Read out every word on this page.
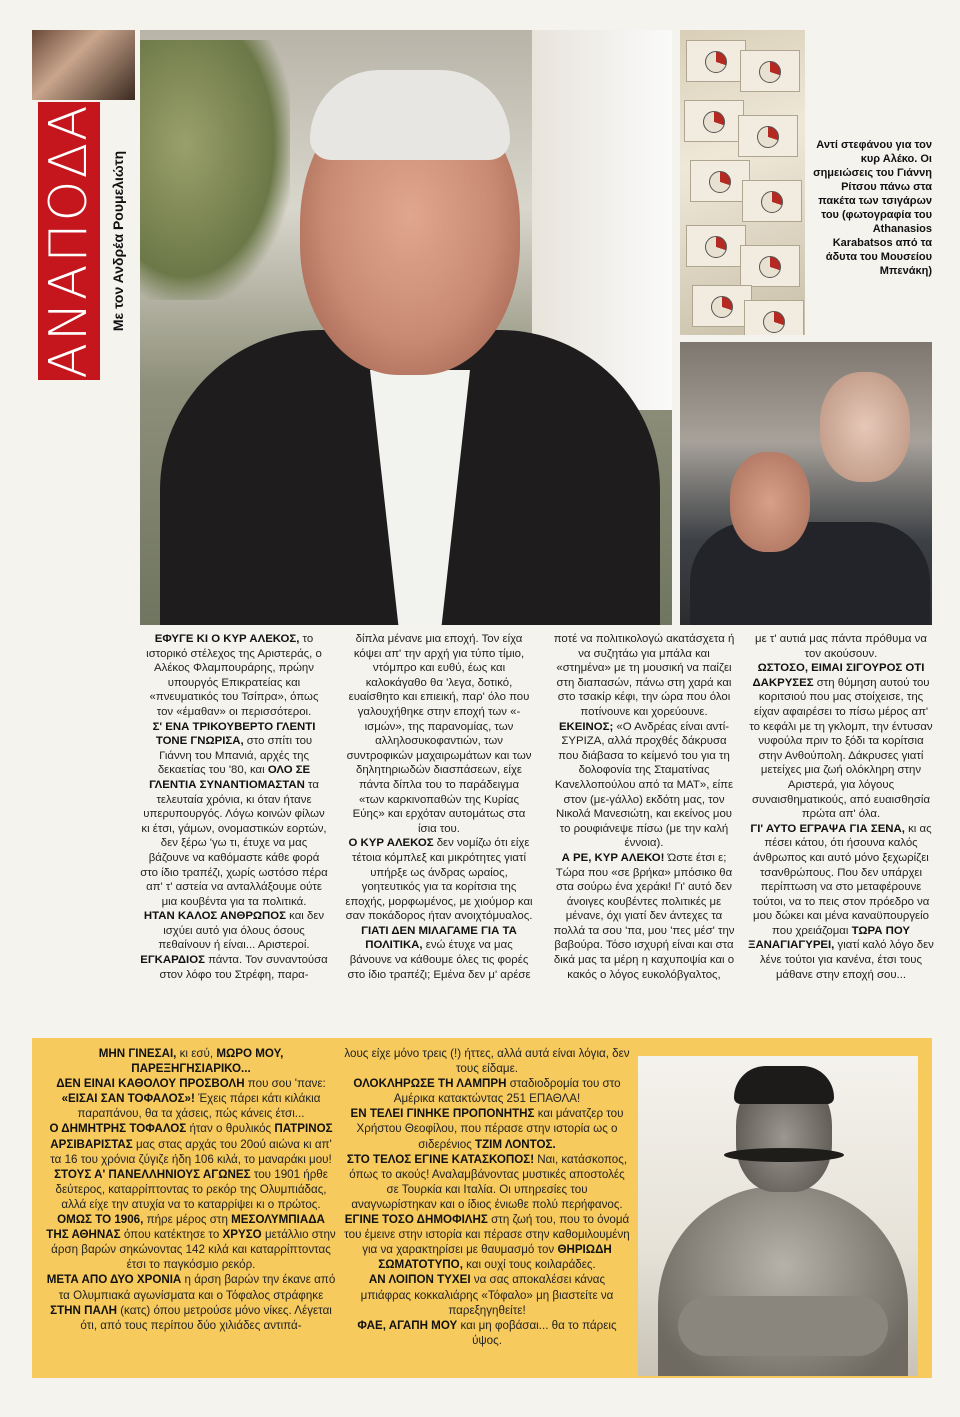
ΑΝΑΠΟΔΑ Με τον Ανδρέα Ρουμελιώτη
Αντί στεφάνου για τον κυρ Αλέκο. Οι σημειώσεις του Γιάννη Ρίτσου πάνω στα πακέτα των τσιγάρων του (φωτογραφία του Athanasios Karabatsos από τα άδυτα του Μουσείου Μπενάκη)

ΕΦΥΓΕ ΚΙ Ο ΚΥΡ ΑΛΕΚΟΣ, το ιστορικό στέλεχος της Αριστεράς, ο Αλέκος Φλαμπουράρης, πρώην υπουργός Επικρατείας και «πνευματικός του Τσίπρα», όπως τον «έμαθαν» οι περισσότεροι.

Σ' ΕΝΑ ΤΡΙΚΟΥΒΕΡΤΟ ΓΛΕΝΤΙ ΤΟΝΕ ΓΝΩΡΙΣΑ, στο σπίτι του Γιάννη του Μπανιά, αρχές της δεκαετίας του '80, και ΟΛΟ ΣΕ ΓΛΕΝΤΙΑ ΣΥΝΑΝΤΙΟΜΑΣΤΑΝ τα τελευταία χρόνια, κι όταν ήτανε υπερυπουργός. Λόγω κοινών φίλων κι έτσι, γάμων, ονομαστικών εορτών, δεν ξέρω 'γω τι, έτυχε να μας βάζουνε να καθόμαστε κάθε φορά στο ίδιο τραπέζι, χωρίς ωστόσο πέρα απ' τ' αστεία να ανταλλάξουμε ούτε μια κουβέντα για τα πολιτικά.

ΗΤΑΝ ΚΑΛΟΣ ΑΝΘΡΩΠΟΣ και δεν ισχύει αυτό για όλους όσους πεθαίνουν ή είναι... Αριστεροί.

ΕΓΚΑΡΔΙΟΣ πάντα. Τον συναντούσα στον λόφο του Στρέφη, παρα-

δίπλα μένανε μια εποχή. Τον είχα κόψει απ' την αρχή για τύπο τίμιο, ντόμπρο και ευθύ, έως και καλοκάγαθο θα 'λεγα, δοτικό, ευαίσθητο και επιεική, παρ' όλο που γαλουχήθηκε στην εποχή των «-ισμών», της παρανομίας, των αλληλοσυκοφαντιών, των συντροφικών μαχαιρωμάτων και των δηλητηριωδών διασπάσεων, είχε πάντα δίπλα του το παράδειγμα «των καρκινοπαθών της Κυρίας Εύης» και ερχόταν αυτομάτως στα ίσια του.

Ο ΚΥΡ ΑΛΕΚΟΣ δεν νομίζω ότι είχε τέτοια κόμπλεξ και μικρότητες γιατί υπήρξε ως άνδρας ωραίος, γοητευτικός για τα κορίτσια της εποχής, μορφωμένος, με χιούμορ και σαν ποκάδορος ήταν ανοιχτόμυαλος.

ΓΙΑΤΙ ΔΕΝ ΜΙΛΑΓΑΜΕ ΓΙΑ ΤΑ ΠΟΛΙΤΙΚΑ, ενώ έτυχε να μας βάνουνε να κάθουμε όλες τις φορές στο ίδιο τραπέζι; Εμένα δεν μ' αρέσε

ποτέ να πολιτικολογώ ακατάσχετα ή να συζητάω για μπάλα και «στημένα» με τη μουσική να παίζει στη διαπασών, πάνω στη χαρά και στο τσακίρ κέφι, την ώρα που όλοι ποτίνουνε και χορεύουνε.

ΕΚΕΙΝΟΣ; «Ο Ανδρέας είναι αντί-ΣΥΡΙΖΑ, αλλά προχθές δάκρυσα που διάβασα το κείμενό του για τη δολοφονία της Σταματίνας Κανελλοπούλου από τα ΜΑΤ», είπε στον (με-γάλλο) εκδότη μας, τον Νικολά Μανεσιώτη, και εκείνος μου το ρουφιάνεψε πίσω (με την καλή έννοια).

Α ΡΕ, ΚΥΡ ΑΛΕΚΟ! Ώστε έτσι ε; Τώρα που «σε βρήκα» μπόσικο θα στα σούρω ένα χεράκι! Γι' αυτό δεν άνοιγες κουβέντες πολιτικές με μένανε, όχι γιατί δεν άντεχες τα πολλά τα σου 'πα, μου 'πες μέσ' την βαβούρα. Τόσο ισχυρή είναι και στα δικά μας τα μέρη η καχυποψία και ο κακός ο λόγος ευκολόβγαλτος,

με τ' αυτιά μας πάντα πρόθυμα να τον ακούσουν.

ΩΣΤΟΣΟ, ΕΙΜΑΙ ΣΙΓΟΥΡΟΣ ΟΤΙ ΔΑΚΡΥΣΕΣ στη θύμηση αυτού του κοριτσιού που μας στοίχεισε, της είχαν αφαιρέσει το πίσω μέρος απ' το κεφάλι με τη γκλομπ, την έντυσαν νυφούλα πριν το ξόδι τα κορίτσια στην Ανθούπολη. Δάκρυσες γιατί μετείχες μια ζωή ολόκληρη στην Αριστερά, για λόγους συναισθηματικούς, από ευαισθησία πρώτα απ' όλα.

ΓΙ' ΑΥΤΟ ΕΓΡΑΨΑ ΓΙΑ ΣΕΝΑ, κι ας πέσει κάτου, ότι ήσουνα καλός άνθρωπος και αυτό μόνο ξεχωρίζει τσανθρώπους. Που δεν υπάρχει περίπτωση να στο μεταφέρουνε τούτοι, να το πεις στον πρόεδρο να μου δώκει και μένα καναϋπουργείο που χρειάζομαι ΤΩΡΑ ΠΟΥ ΞΑΝΑΓΙΑΓΥΡΕΙ, γιατί καλό λόγο δεν λένε τούτοι για κανένα, έτσι τους μάθανε στην εποχή σου...

ΜΗΝ ΓΙΝΕΣΑΙ, κι εσύ, ΜΩΡΟ ΜΟΥ, ΠΑΡΕΞΗΓΗΣΙΑΡΙΚΟ...

ΔΕΝ ΕΙΝΑΙ ΚΑΘΟΛΟΥ ΠΡΟΣΒΟΛΗ που σου 'πανε: «ΕΙΣΑΙ ΣΑΝ ΤΟΦΑΛΟΣ»! Έχεις πάρει κάτι κιλάκια παραπάνου, θα τα χάσεις, πώς κάνεις έτσι...

Ο ΔΗΜΗΤΡΗΣ ΤΟΦΑΛΟΣ ήταν ο θρυλικός ΠΑΤΡΙΝΟΣ ΑΡΣΙΒΑΡΙΣΤΑΣ μας στας αρχάς του 20ού αιώνα κι απ' τα 16 του χρόνια ζύγιζε ήδη 106 κιλά, το μαναράκι μου!

ΣΤΟΥΣ Α' ΠΑΝΕΛΛΗΝΙΟΥΣ ΑΓΩΝΕΣ του 1901 ήρθε δεύτερος, καταρρίπτοντας το ρεκόρ της Ολυμπιάδας, αλλά είχε την ατυχία να το καταρρίψει κι ο πρώτος.

ΟΜΩΣ ΤΟ 1906, πήρε μέρος στη ΜΕΣΟΛΥΜΠΙΑΔΑ ΤΗΣ ΑΘΗΝΑΣ όπου κατέκτησε το ΧΡΥΣΟ μετάλλιο στην άρση βαρών σηκώνοντας 142 κιλά και καταρρίπτοντας έτσι το παγκόσμιο ρεκόρ.

ΜΕΤΑ ΑΠΟ ΔΥΟ ΧΡΟΝΙΑ η άρση βαρών την έκανε από τα Ολυμπιακά αγωνίσματα και ο Τόφαλος στράφηκε ΣΤΗΝ ΠΑΛΗ (κατς) όπου μετρούσε μόνο νίκες. Λέγεται ότι, από τους περίπου δύο χιλιάδες αντιπά-

λους είχε μόνο τρεις (!) ήττες, αλλά αυτά είναι λόγια, δεν τους είδαμε.

ΟΛΟΚΛΗΡΩΣΕ ΤΗ ΛΑΜΠΡΗ σταδιοδρομία του στο Αμέρικα κατακτώντας 251 ΕΠΑΘΛΑ!

ΕΝ ΤΕΛΕΙ ΓΙΝΗΚΕ ΠΡΟΠΟΝΗΤΗΣ και μάνατζερ του Χρήστου Θεοφίλου, που πέρασε στην ιστορία ως ο σιδερένιος ΤΖΙΜ ΛΟΝΤΟΣ.

ΣΤΟ ΤΕΛΟΣ ΕΓΙΝΕ ΚΑΤΑΣΚΟΠΟΣ! Ναι, κατάσκοπος, όπως το ακούς! Αναλαμβάνοντας μυστικές αποστολές σε Τουρκία και Ιταλία. Οι υπηρεσίες του αναγνωρίστηκαν και ο ίδιος ένιωθε πολύ περήφανος.

ΕΓΙΝΕ ΤΟΣΟ ΔΗΜΟΦΙΛΗΣ στη ζωή του, που το όνομά του έμεινε στην ιστορία και πέρασε στην καθομιλουμένη για να χαρακτηρίσει με θαυμασμό τον ΘΗΡΙΩΔΗ ΣΩΜΑΤΟΤΥΠΟ, και ουχί τους κοιλαράδες.

ΑΝ ΛΟΙΠΟΝ ΤΥΧΕΙ να σας αποκαλέσει κάνας μπιάφρας κοκκαλιάρης «Τόφαλο» μη βιαστείτε να παρεξηγηθείτε!

ΦΑΕ, ΑΓΑΠΗ ΜΟΥ και μη φοβάσαι... θα το πάρεις ύψος.
